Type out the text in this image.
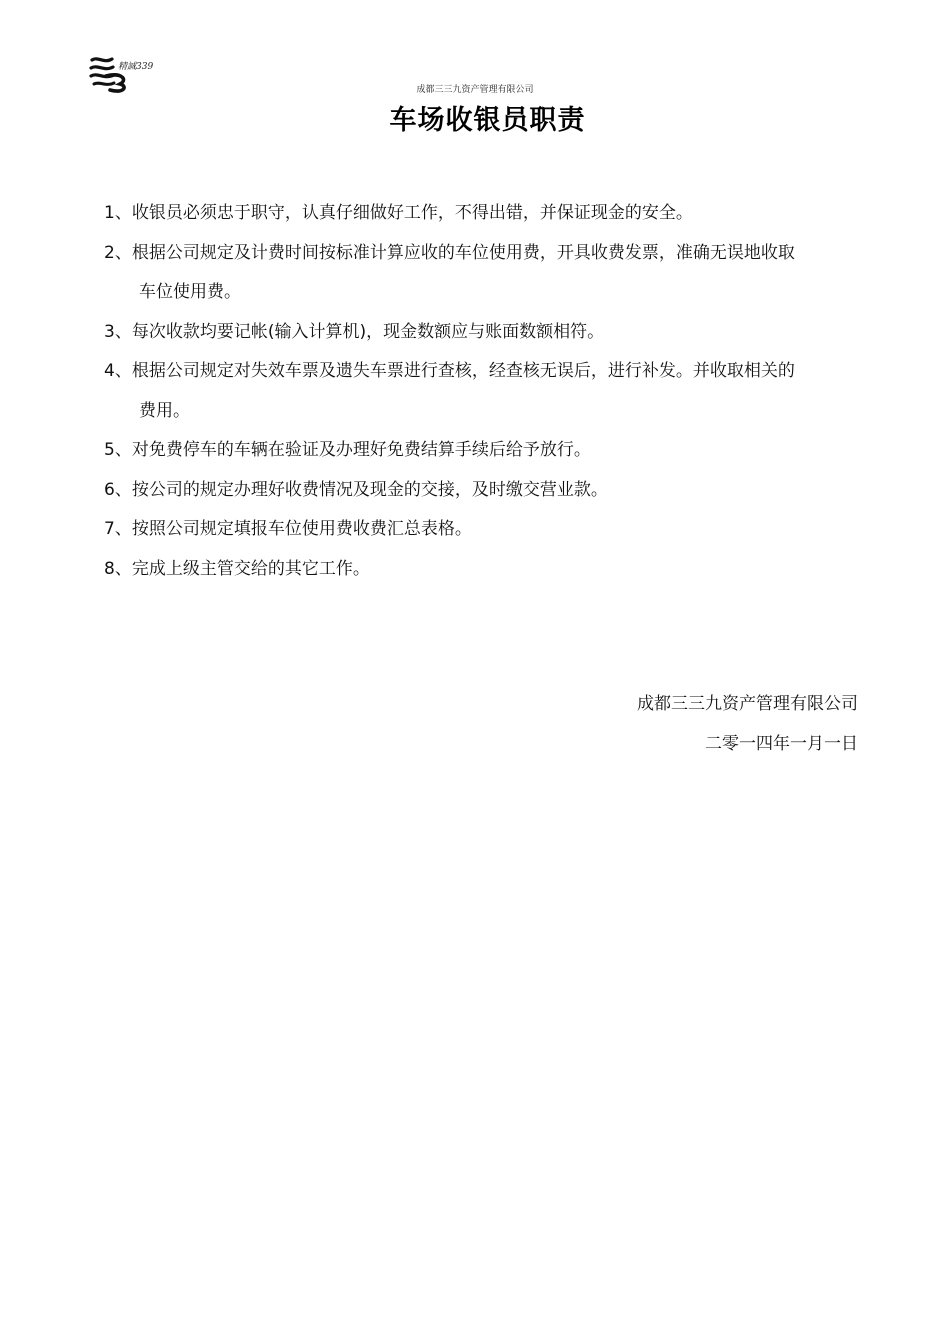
精誠339
成都三三九资产管理有限公司
车场收银员职责
1、收银员必须忠于职守，认真仔细做好工作，不得出错，并保证现金的安全。
2、根据公司规定及计费时间按标准计算应收的车位使用费，开具收费发票，准确无误地收取
车位使用费。
3、每次收款均要记帐(输入计算机)，现金数额应与账面数额相符。
4、根据公司规定对失效车票及遗失车票进行查核，经查核无误后，进行补发。并收取相关的
费用。
5、对免费停车的车辆在验证及办理好免费结算手续后给予放行。
6、按公司的规定办理好收费情况及现金的交接，及时缴交营业款。
7、按照公司规定填报车位使用费收费汇总表格。
8、完成上级主管交给的其它工作。
成都三三九资产管理有限公司
二零一四年一月一日
